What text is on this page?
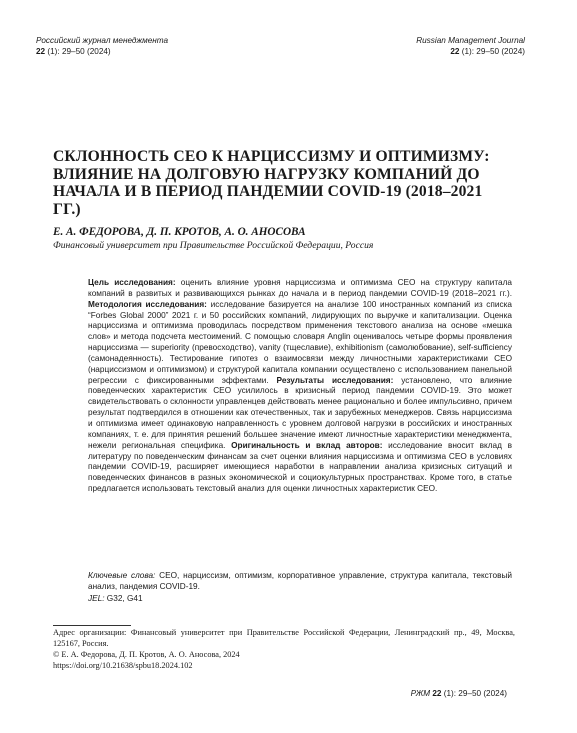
Российский журнал менеджмента
22 (1): 29–50 (2024)
Russian Management Journal
22 (1): 29–50 (2024)
СКЛОННОСТЬ CEO К НАРЦИССИЗМУ И ОПТИМИЗМУ: ВЛИЯНИЕ НА ДОЛГОВУЮ НАГРУЗКУ КОМПАНИЙ ДО НАЧАЛА И В ПЕРИОД ПАНДЕМИИ COVID-19 (2018–2021 ГГ.)

Е. А. ФЕДОРОВА, Д. П. КРОТОВ, А. О. АНОСОВА

Финансовый университет при Правительстве Российской Федерации, Россия

Цель исследования: оценить влияние уровня нарциссизма и оптимизма CEO на структуру капитала компаний в развитых и развивающихся рынках до начала и в период пандемии COVID-19 (2018–2021 гг.). Методология исследования: исследование базируется на анализе 100 иностранных компаний из списка “Forbes Global 2000” 2021 г. и 50 российских компаний, лидирующих по выручке и капитализации. Оценка нарциссизма и оптимизма проводилась посредством применения текстового анализа на основе «мешка слов» и метода подсчета местоимений. С помощью словаря Anglin оценивалось четыре формы проявления нарциссизма — superiority (превосходство), vanity (тщеславие), exhibitionism (самолюбование), self-sufficiency (самонадеянность). Тестирование гипотез о взаимосвязи между личностными характеристиками CEO (нарциссизмом и оптимизмом) и структурой капитала компании осуществлено с использованием панельной регрессии с фиксированными эффектами. Результаты исследования: установлено, что влияние поведенческих характеристик CEO усилилось в кризисный период пандемии COVID-19. Это может свидетельствовать о склонности управленцев действовать менее рационально и более импульсивно, причем результат подтвердился в отношении как отечественных, так и зарубежных менеджеров. Связь нарциссизма и оптимизма имеет одинаковую направленность с уровнем долговой нагрузки в российских и иностранных компаниях, т. е. для принятия решений большее значение имеют личностные характеристики менеджмента, нежели региональная специфика. Оригинальность и вклад авторов: исследование вносит вклад в литературу по поведенческим финансам за счет оценки влияния нарциссизма и оптимизма CEO в условиях пандемии COVID-19, расширяет имеющиеся наработки в направлении анализа кризисных ситуаций и поведенческих финансов в разных экономической и социокультурных пространствах. Кроме того, в статье предлагается использовать текстовый анализ для оценки личностных характеристик CEO.

Ключевые слова: CEO, нарциссизм, оптимизм, корпоративное управление, структура капитала, текстовый анализ, пандемия COVID-19.
JEL: G32, G41

Адрес организации: Финансовый университет при Правительстве Российской Федерации, Ленинградский пр., 49, Москва, 125167, Россия.

© Е. А. Федорова, Д. П. Кротов, А. О. Аносова, 2024

https://doi.org/10.21638/spbu18.2024.102

РЖМ 22 (1): 29–50 (2024)
